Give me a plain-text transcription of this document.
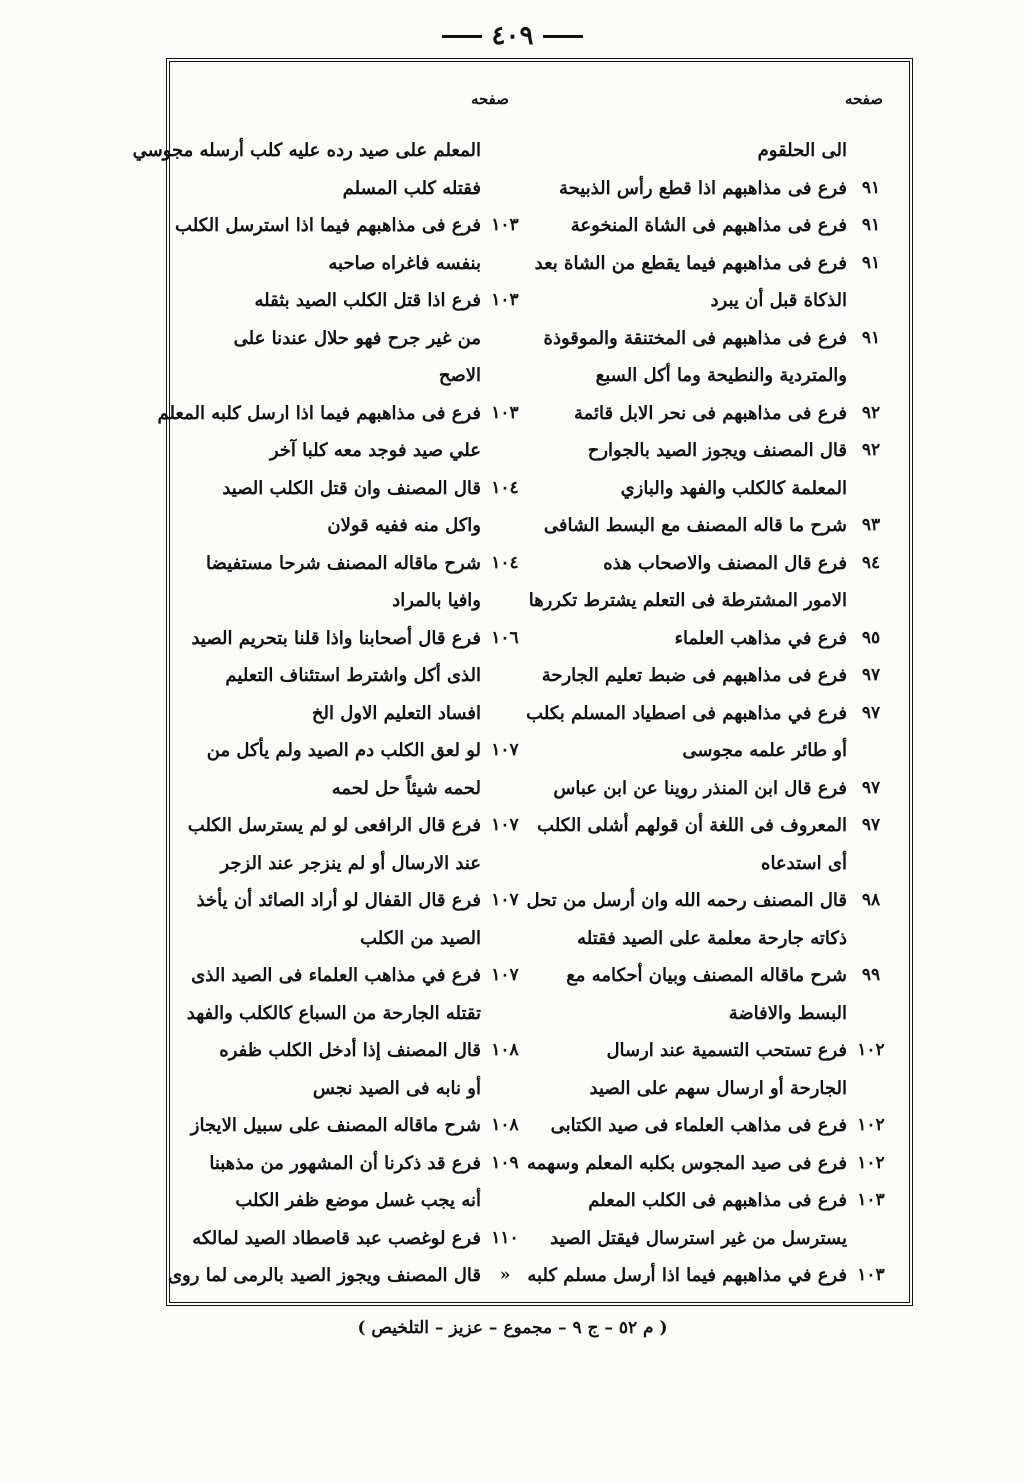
٤٠٩
صفحه
صفحه
الى الحلقوم
٩١
فرع فى مذاهبهم اذا قطع رأس الذبيحة
٩١
فرع فى مذاهبهم فى الشاة المنخوعة
٩١
فرع فى مذاهبهم فيما يقطع من الشاة بعد
الذكاة قبل أن يبرد
٩١
فرع فى مذاهبهم فى المختنقة والموقوذة
والمتردية والنطيحة وما أكل السبع
٩٢
فرع فى مذاهبهم فى نحر الابل قائمة
٩٢
قال المصنف ويجوز الصيد بالجوارح
المعلمة كالكلب والفهد والبازي
٩٣
شرح ما قاله المصنف مع البسط الشافى
٩٤
فرع قال المصنف والاصحاب هذه
الامور المشترطة فى التعلم يشترط تكررها
٩٥
فرع في مذاهب العلماء
٩٧
فرع فى مذاهبهم فى ضبط تعليم الجارحة
٩٧
فرع في مذاهبهم فى اصطياد المسلم بكلب
أو طائر علمه مجوسى
٩٧
فرع قال ابن المنذر روينا عن ابن عباس
٩٧
المعروف فى اللغة أن قولهم أشلى الكلب
أى استدعاه
٩٨
قال المصنف رحمه الله وان أرسل من تحل
ذكاته جارحة معلمة على الصيد فقتله
٩٩
شرح ماقاله المصنف وبيان أحكامه مع
البسط والافاضة
١٠٢
فرع تستحب التسمية عند ارسال
الجارحة أو ارسال سهم على الصيد
١٠٢
فرع فى مذاهب العلماء فى صيد الكتابى
١٠٢
فرع فى صيد المجوس بكلبه المعلم وسهمه
١٠٣
فرع فى مذاهبهم فى الكلب المعلم
يسترسل من غير استرسال فيقتل الصيد
١٠٣
فرع في مذاهبهم فيما اذا أرسل مسلم كلبه
المعلم على صيد رده عليه كلب أرسله مجوسي
فقتله كلب المسلم
١٠٣
فرع فى مذاهبهم فيما اذا استرسل الكلب
بنفسه فاغراه صاحبه
١٠٣
فرع اذا قتل الكلب الصيد بثقله
من غير جرح فهو حلال عندنا على
الاصح
١٠٣
فرع فى مذاهبهم فيما اذا ارسل كلبه المعلم
علي صيد فوجد معه كلبا آخر
١٠٤
قال المصنف وان قتل الكلب الصيد
واكل منه ففيه قولان
١٠٤
شرح ماقاله المصنف شرحا مستفيضا
وافيا بالمراد
١٠٦
فرع قال أصحابنا واذا قلنا بتحريم الصيد
الذى أكل واشترط استئناف التعليم
افساد التعليم الاول الخ
١٠٧
لو لعق الكلب دم الصيد ولم يأكل من
لحمه شيئاً حل لحمه
١٠٧
فرع قال الرافعى لو لم يسترسل الكلب
عند الارسال أو لم ينزجر عند الزجر
١٠٧
فرع قال القفال لو أراد الصائد أن يأخذ
الصيد من الكلب
١٠٧
فرع في مذاهب العلماء فى الصيد الذى
تقتله الجارحة من السباع كالكلب والفهد
١٠٨
قال المصنف إذا أدخل الكلب ظفره
أو نابه فى الصيد نجس
١٠٨
شرح ماقاله المصنف على سبيل الايجاز
١٠٩
فرع قد ذكرنا أن المشهور من مذهبنا
أنه يجب غسل موضع ظفر الكلب
١١٠
فرع لوغصب عبد قاصطاد الصيد لمالكه
«
قال المصنف ويجوز الصيد بالرمى لما روى
( م ٥٢ – ج ٩ – مجموع – عزيز – التلخيص )
